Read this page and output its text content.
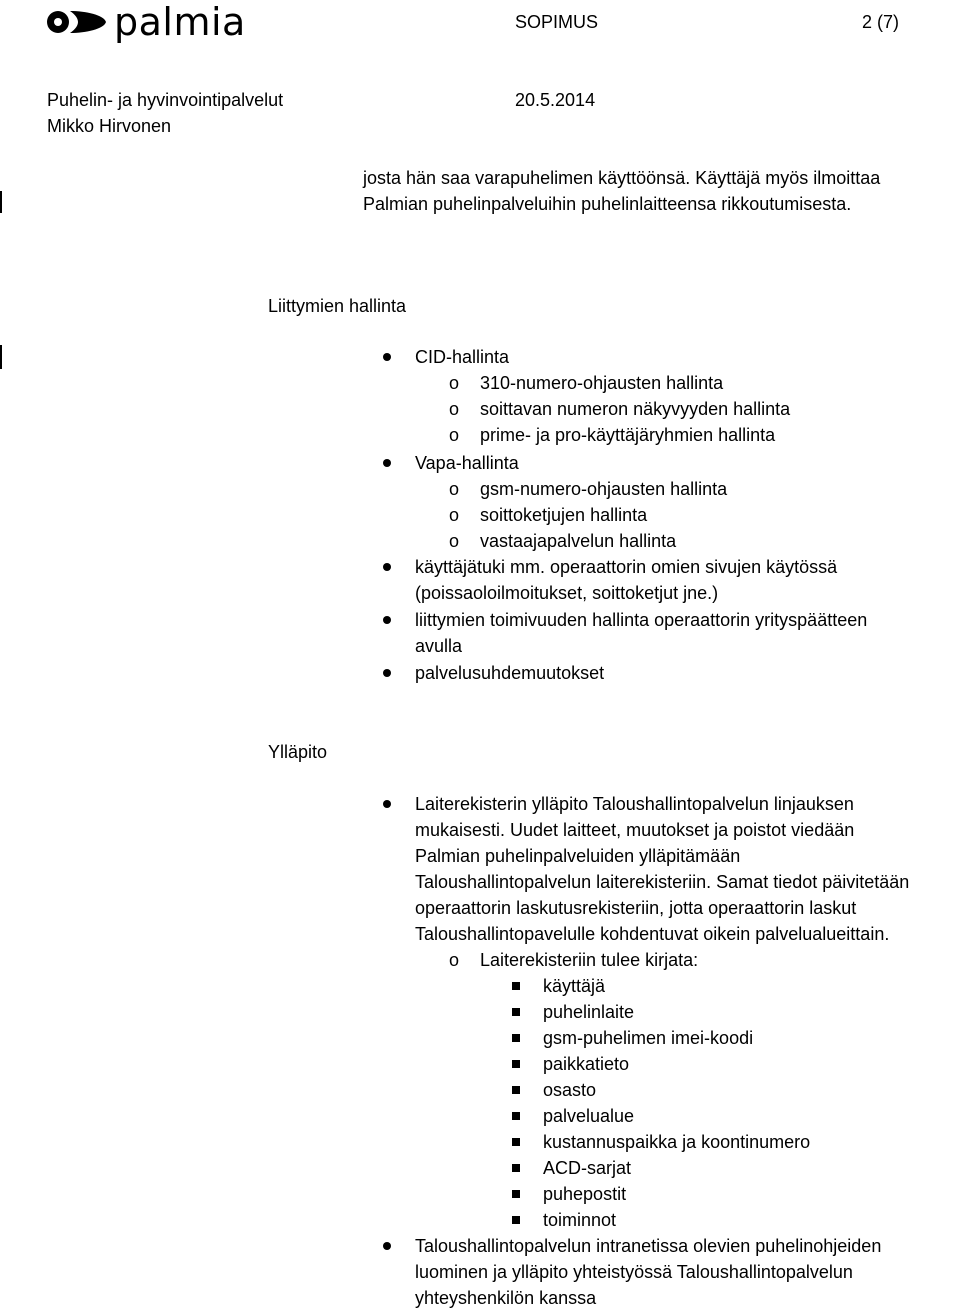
palmia	SOPIMUS	2 (7)
Puhelin- ja hyvinvointipalvelut	20.5.2014
Mikko Hirvonen
josta hän saa varapuhelimen käyttöönsä. Käyttäjä myös ilmoittaa
Palmian puhelinpalveluihin puhelinlaitteensa rikkoutumisesta.
Liittymien hallinta
CID-hallinta
o 310-numero-ohjausten hallinta
o soittavan numeron näkyvyyden hallinta
o prime- ja pro-käyttäjäryhmien hallinta
Vapa-hallinta
o gsm-numero-ohjausten hallinta
o soittoketjujen hallinta
o vastaajapalvelun hallinta
käyttäjätuki mm. operaattorin omien sivujen käytössä
(poissaoloilmoitukset, soittoketjut jne.)
liittymien toimivuuden hallinta operaattorin yrityspäätteen
avulla
palvelusuhdemuutokset
Ylläpito
Laiterekisterin ylläpito Taloushallintopalvelun linjauksen
mukaisesti. Uudet laitteet, muutokset ja poistot viedään
Palmian puhelinpalveluiden ylläpitämään
Taloushallintopalvelun laiterekisteriin. Samat tiedot päivitetään
operaattorin laskutusrekisteriin, jotta operaattorin laskut
Taloushallintopavelulle kohdentuvat oikein palvelualueittain.
o Laiterekisteriin tulee kirjata:
käyttäjä
puhelinlaite
gsm-puhelimen imei-koodi
paikkatieto
osasto
palvelualue
kustannuspaikka ja koontinumero
ACD-sarjat
puhepostit
toiminnot
Taloushallintopalvelun intranetissa olevien puhelinohjeiden
luominen ja ylläpito yhteistyössä Taloushallintopalvelun
yhteyshenkilön kanssa
